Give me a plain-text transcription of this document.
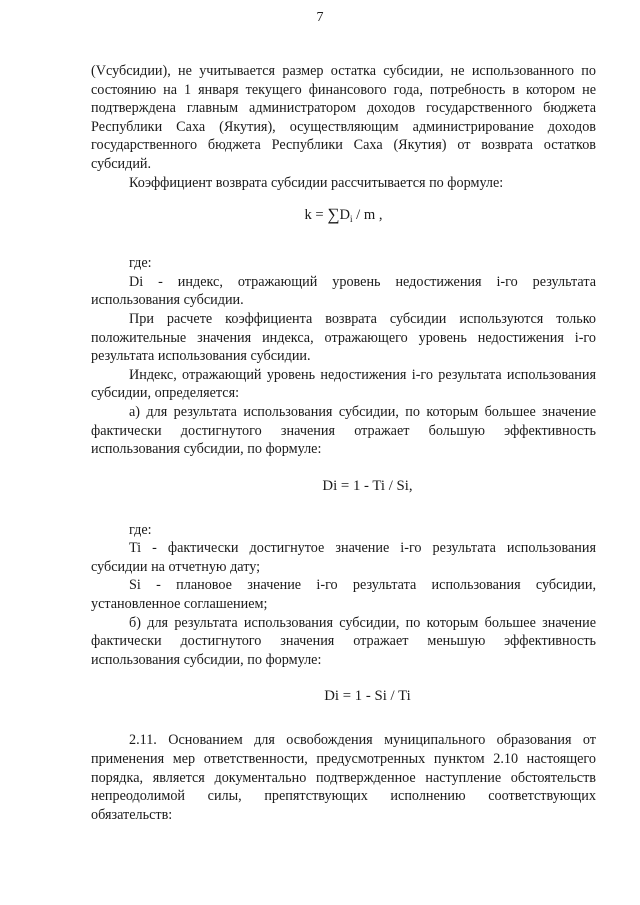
7

(Vсубсидии), не учитывается размер остатка субсидии, не использованного по состоянию на 1 января текущего финансового года, потребность в котором не подтверждена главным администратором доходов государственного бюджета Республики Саха (Якутия), осуществляющим администрирование доходов государственного бюджета Республики Саха (Якутия) от возврата остатков субсидий.

Коэффициент возврата субсидии рассчитывается по формуле:

$k = \sum D_i / m$ ,

где:

Di - индекс, отражающий уровень недостижения i-го результата использования субсидии.

При расчете коэффициента возврата субсидии используются только положительные значения индекса, отражающего уровень недостижения i-го результата использования субсидии.

Индекс, отражающий уровень недостижения i-го результата использования субсидии, определяется:

а) для результата использования субсидии, по которым большее значение фактически достигнутого значения отражает большую эффективность использования субсидии, по формуле:

Di = 1 - Ti / Si,

где:

Ti - фактически достигнутое значение i-го результата использования субсидии на отчетную дату;

Si - плановое значение i-го результата использования субсидии, установленное соглашением;

б) для результата использования субсидии, по которым большее значение фактически достигнутого значения отражает меньшую эффективность использования субсидии, по формуле:

Di = 1 - Si / Ti

2.11. Основанием для освобождения муниципального образования от применения мер ответственности, предусмотренных пунктом 2.10 настоящего порядка, является документально подтвержденное наступление обстоятельств непреодолимой силы, препятствующих исполнению соответствующих обязательств:
